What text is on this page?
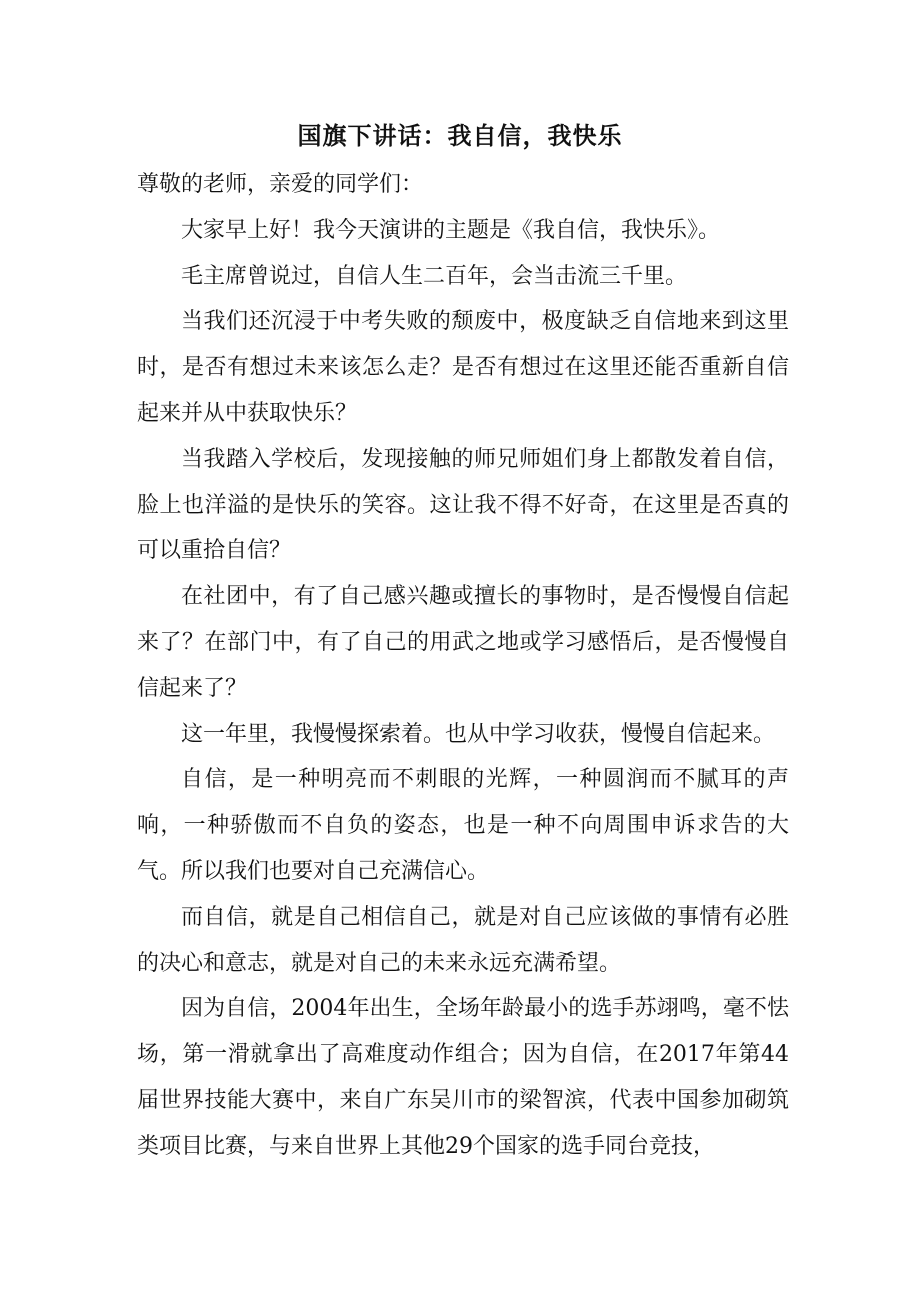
国旗下讲话：我自信，我快乐

尊敬的老师，亲爱的同学们：

大家早上好！我今天演讲的主题是《我自信，我快乐》。

毛主席曾说过，自信人生二百年，会当击流三千里。

当我们还沉浸于中考失败的颓废中，极度缺乏自信地来到这里时，是否有想过未来该怎么走？是否有想过在这里还能否重新自信起来并从中获取快乐？

当我踏入学校后，发现接触的师兄师姐们身上都散发着自信，脸上也洋溢的是快乐的笑容。这让我不得不好奇，在这里是否真的可以重拾自信？

在社团中，有了自己感兴趣或擅长的事物时，是否慢慢自信起来了？在部门中，有了自己的用武之地或学习感悟后，是否慢慢自信起来了？

这一年里，我慢慢探索着。也从中学习收获，慢慢自信起来。

自信，是一种明亮而不刺眼的光辉，一种圆润而不腻耳的声响，一种骄傲而不自负的姿态，也是一种不向周围申诉求告的大气。所以我们也要对自己充满信心。

而自信，就是自己相信自己，就是对自己应该做的事情有必胜的决心和意志，就是对自己的未来永远充满希望。

因为自信，2004年出生，全场年龄最小的选手苏翊鸣，毫不怯场，第一滑就拿出了高难度动作组合；因为自信，在2017年第44届世界技能大赛中，来自广东吴川市的梁智滨，代表中国参加砌筑类项目比赛，与来自世界上其他29个国家的选手同台竞技，
